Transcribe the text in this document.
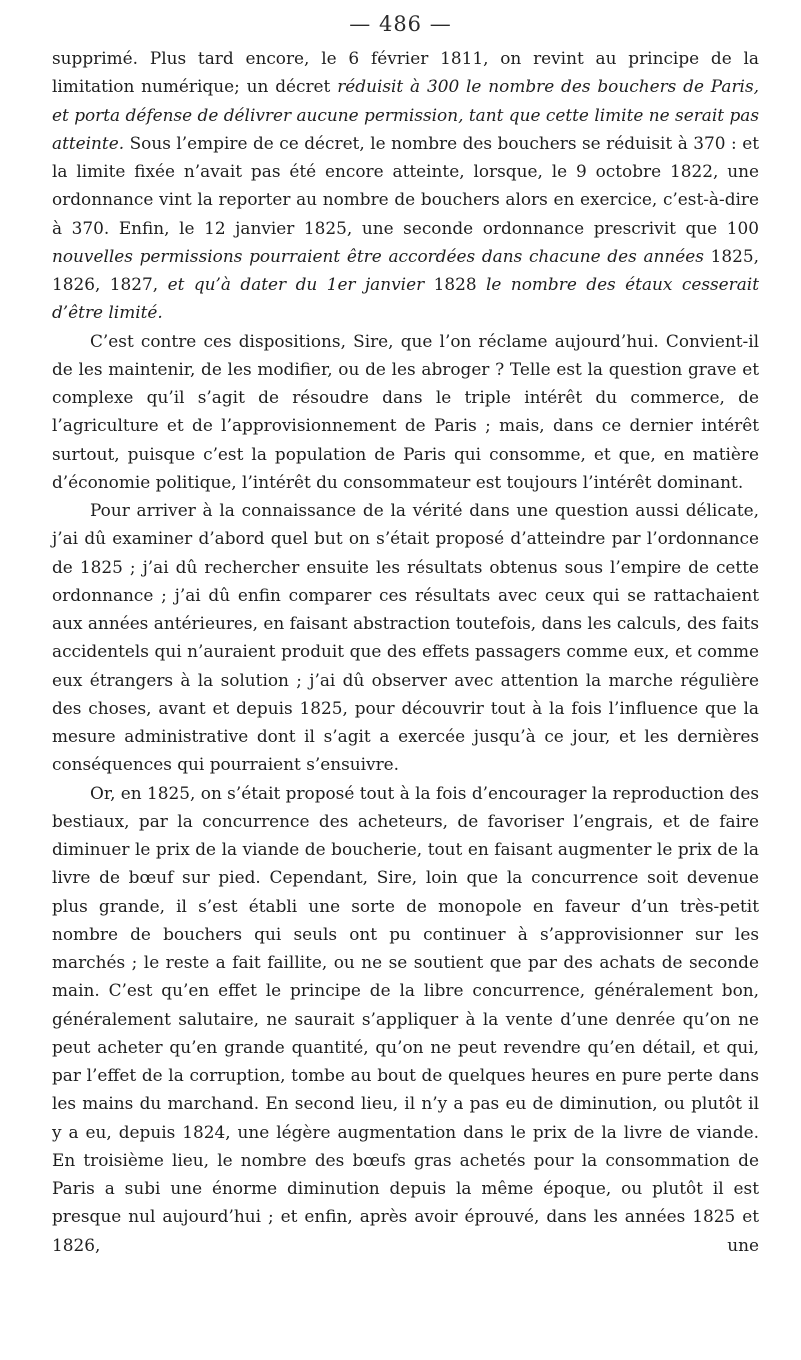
— 486 —

supprimé. Plus tard encore, le 6 février 1811, on revint au principe de la limitation numérique; un décret réduisit à 300 le nombre des bouchers de Paris, et porta défense de délivrer aucune permission, tant que cette limite ne serait pas atteinte. Sous l’empire de ce décret, le nombre des bouchers se réduisit à 370 : et la limite fixée n’avait pas été encore atteinte, lorsque, le 9 octobre 1822, une ordonnance vint la reporter au nombre de bouchers alors en exercice, c’est-à-dire à 370. Enfin, le 12 janvier 1825, une seconde ordonnance prescrivit que 100 nouvelles permissions pourraient être accordées dans chacune des années 1825, 1826, 1827, et qu’à dater du 1er janvier 1828 le nombre des étaux cesserait d’être limité.

C’est contre ces dispositions, Sire, que l’on réclame aujourd’hui. Convient-il de les maintenir, de les modifier, ou de les abroger ? Telle est la question grave et complexe qu’il s’agit de résoudre dans le triple intérêt du commerce, de l’agriculture et de l’approvisionnement de Paris ; mais, dans ce dernier intérêt surtout, puisque c’est la population de Paris qui consomme, et que, en matière d’économie politique, l’intérêt du consommateur est toujours l’intérêt dominant.

Pour arriver à la connaissance de la vérité dans une question aussi délicate, j’ai dû examiner d’abord quel but on s’était proposé d’atteindre par l’ordonnance de 1825 ; j’ai dû rechercher ensuite les résultats obtenus sous l’empire de cette ordonnance ; j’ai dû enfin comparer ces résultats avec ceux qui se rattachaient aux années antérieures, en faisant abstraction toutefois, dans les calculs, des faits accidentels qui n’auraient produit que des effets passagers comme eux, et comme eux étrangers à la solution ; j’ai dû observer avec attention la marche régulière des choses, avant et depuis 1825, pour découvrir tout à la fois l’influence que la mesure administrative dont il s’agit a exercée jusqu’à ce jour, et les dernières conséquences qui pourraient s’ensuivre.

Or, en 1825, on s’était proposé tout à la fois d’encourager la reproduction des bestiaux, par la concurrence des acheteurs, de favoriser l’engrais, et de faire diminuer le prix de la viande de boucherie, tout en faisant augmenter le prix de la livre de bœuf sur pied. Cependant, Sire, loin que la concurrence soit devenue plus grande, il s’est établi une sorte de monopole en faveur d’un très-petit nombre de bouchers qui seuls ont pu continuer à s’approvisionner sur les marchés ; le reste a fait faillite, ou ne se soutient que par des achats de seconde main. C’est qu’en effet le principe de la libre concurrence, généralement bon, généralement salutaire, ne saurait s’appliquer à la vente d’une denrée qu’on ne peut acheter qu’en grande quantité, qu’on ne peut revendre qu’en détail, et qui, par l’effet de la corruption, tombe au bout de quelques heures en pure perte dans les mains du marchand. En second lieu, il n’y a pas eu de diminution, ou plutôt il y a eu, depuis 1824, une légère augmentation dans le prix de la livre de viande. En troisième lieu, le nombre des bœufs gras achetés pour la consommation de Paris a subi une énorme diminution depuis la même époque, ou plutôt il est presque nul aujourd’hui ; et enfin, après avoir éprouvé, dans les années 1825 et 1826, une
